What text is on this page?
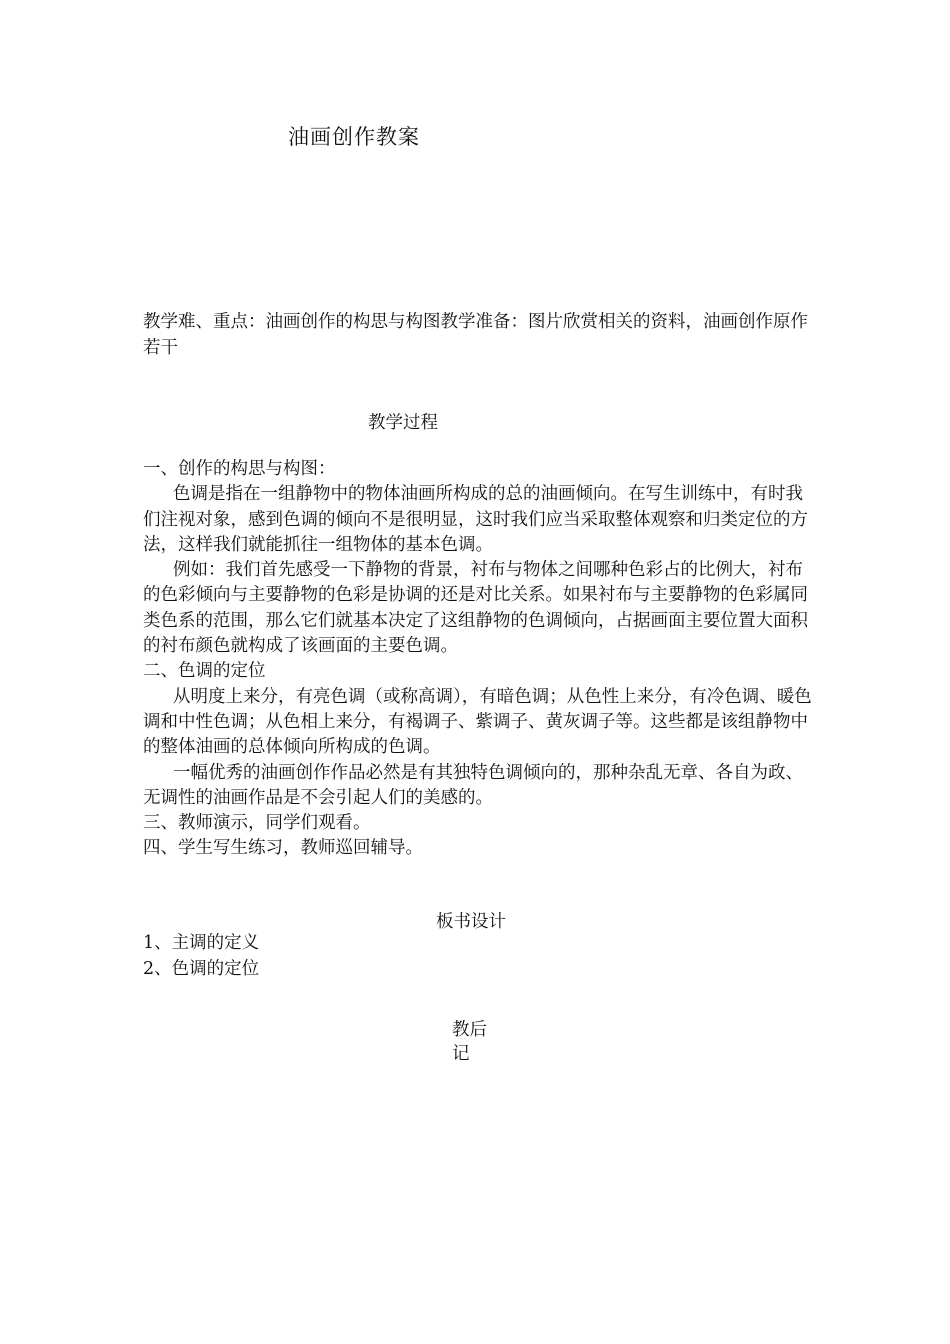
油画创作教案

教学难、重点：油画创作的构思与构图教学准备：图片欣赏相关的资料，油画创作原作若干

教学过程

一、创作的构思与构图：

色调是指在一组静物中的物体油画所构成的总的油画倾向。在写生训练中，有时我们注视对象，感到色调的倾向不是很明显，这时我们应当采取整体观察和归类定位的方法，这样我们就能抓往一组物体的基本色调。

例如：我们首先感受一下静物的背景，衬布与物体之间哪种色彩占的比例大，衬布的色彩倾向与主要静物的色彩是协调的还是对比关系。如果衬布与主要静物的色彩属同类色系的范围，那么它们就基本决定了这组静物的色调倾向，占据画面主要位置大面积的衬布颜色就构成了该画面的主要色调。

二、色调的定位

从明度上来分，有亮色调（或称高调），有暗色调；从色性上来分，有冷色调、暖色调和中性色调；从色相上来分，有褐调子、紫调子、黄灰调子等。这些都是该组静物中的整体油画的总体倾向所构成的色调。

一幅优秀的油画创作作品必然是有其独特色调倾向的，那种杂乱无章、各自为政、无调性的油画作品是不会引起人们的美感的。

三、教师演示，同学们观看。

四、学生写生练习，教师巡回辅导。

板书设计
1、主调的定义
2、色调的定位

教后记
